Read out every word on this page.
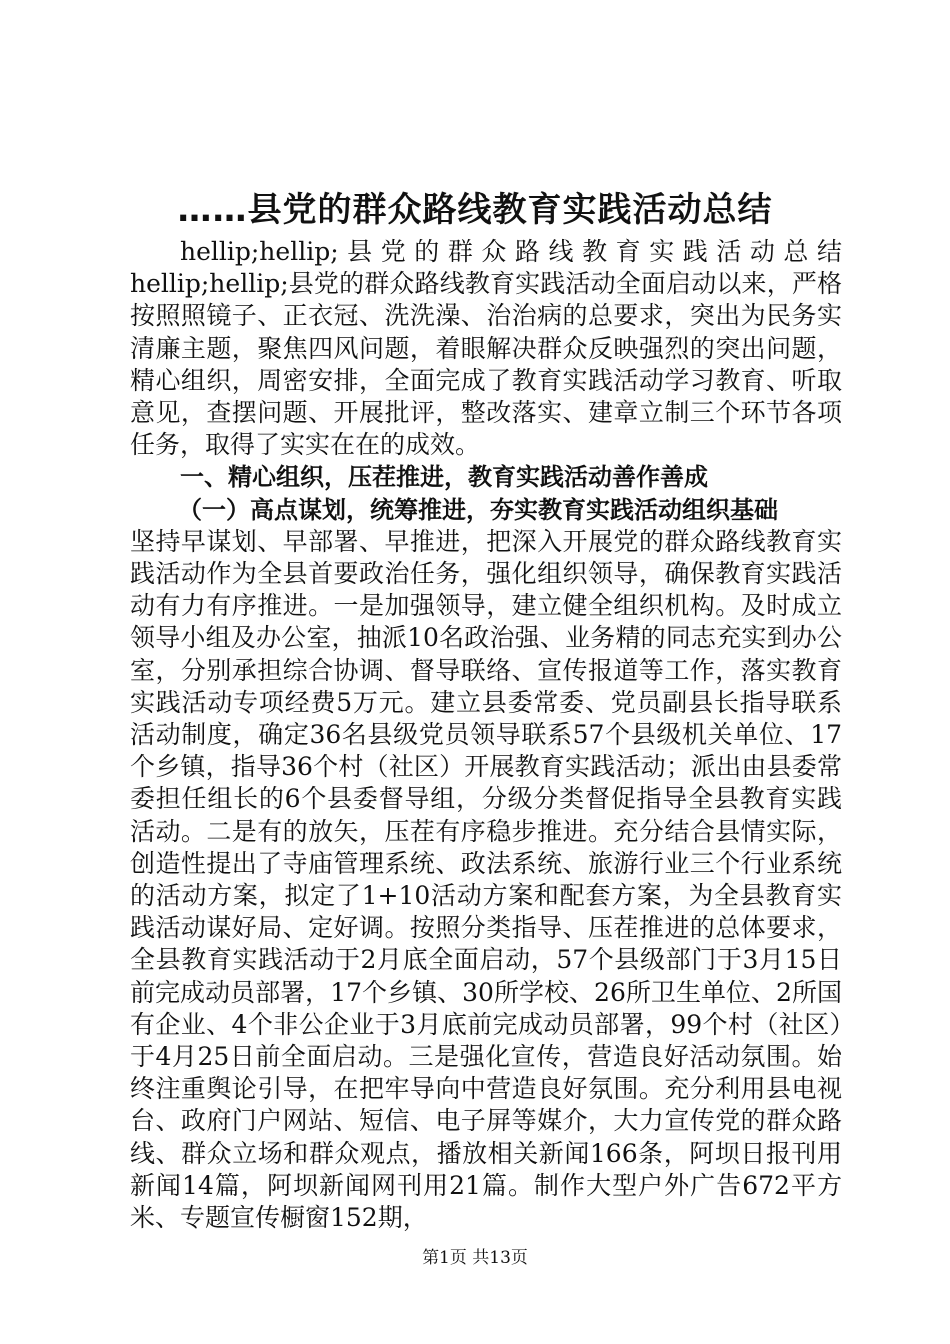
……县党的群众路线教育实践活动总结

hellip;hellip;县党的群众路线教育实践活动总结hellip;hellip;县党的群众路线教育实践活动全面启动以来，严格按照照镜子、正衣冠、洗洗澡、治治病的总要求，突出为民务实清廉主题，聚焦四风问题，着眼解决群众反映强烈的突出问题，精心组织，周密安排，全面完成了教育实践活动学习教育、听取意见，查摆问题、开展批评，整改落实、建章立制三个环节各项任务，取得了实实在在的成效。

一、精心组织，压茬推进，教育实践活动善作善成

（一）高点谋划，统筹推进，夯实教育实践活动组织基础

坚持早谋划、早部署、早推进，把深入开展党的群众路线教育实践活动作为全县首要政治任务，强化组织领导，确保教育实践活动有力有序推进。一是加强领导，建立健全组织机构。及时成立领导小组及办公室，抽派10名政治强、业务精的同志充实到办公室，分别承担综合协调、督导联络、宣传报道等工作，落实教育实践活动专项经费5万元。建立县委常委、党员副县长指导联系活动制度，确定36名县级党员领导联系57个县级机关单位、17个乡镇，指导36个村（社区）开展教育实践活动；派出由县委常委担任组长的6个县委督导组，分级分类督促指导全县教育实践活动。二是有的放矢，压茬有序稳步推进。充分结合县情实际，创造性提出了寺庙管理系统、政法系统、旅游行业三个行业系统的活动方案，拟定了1+10活动方案和配套方案，为全县教育实践活动谋好局、定好调。按照分类指导、压茬推进的总体要求，全县教育实践活动于2月底全面启动，57个县级部门于3月15日前完成动员部署，17个乡镇、30所学校、26所卫生单位、2所国有企业、4个非公企业于3月底前完成动员部署，99个村（社区）于4月25日前全面启动。三是强化宣传，营造良好活动氛围。始终注重舆论引导，在把牢导向中营造良好氛围。充分利用县电视台、政府门户网站、短信、电子屏等媒介，大力宣传党的群众路线、群众立场和群众观点，播放相关新闻166条，阿坝日报刊用新闻14篇，阿坝新闻网刊用21篇。制作大型户外广告672平方米、专题宣传橱窗152期，

第1页 共13页
